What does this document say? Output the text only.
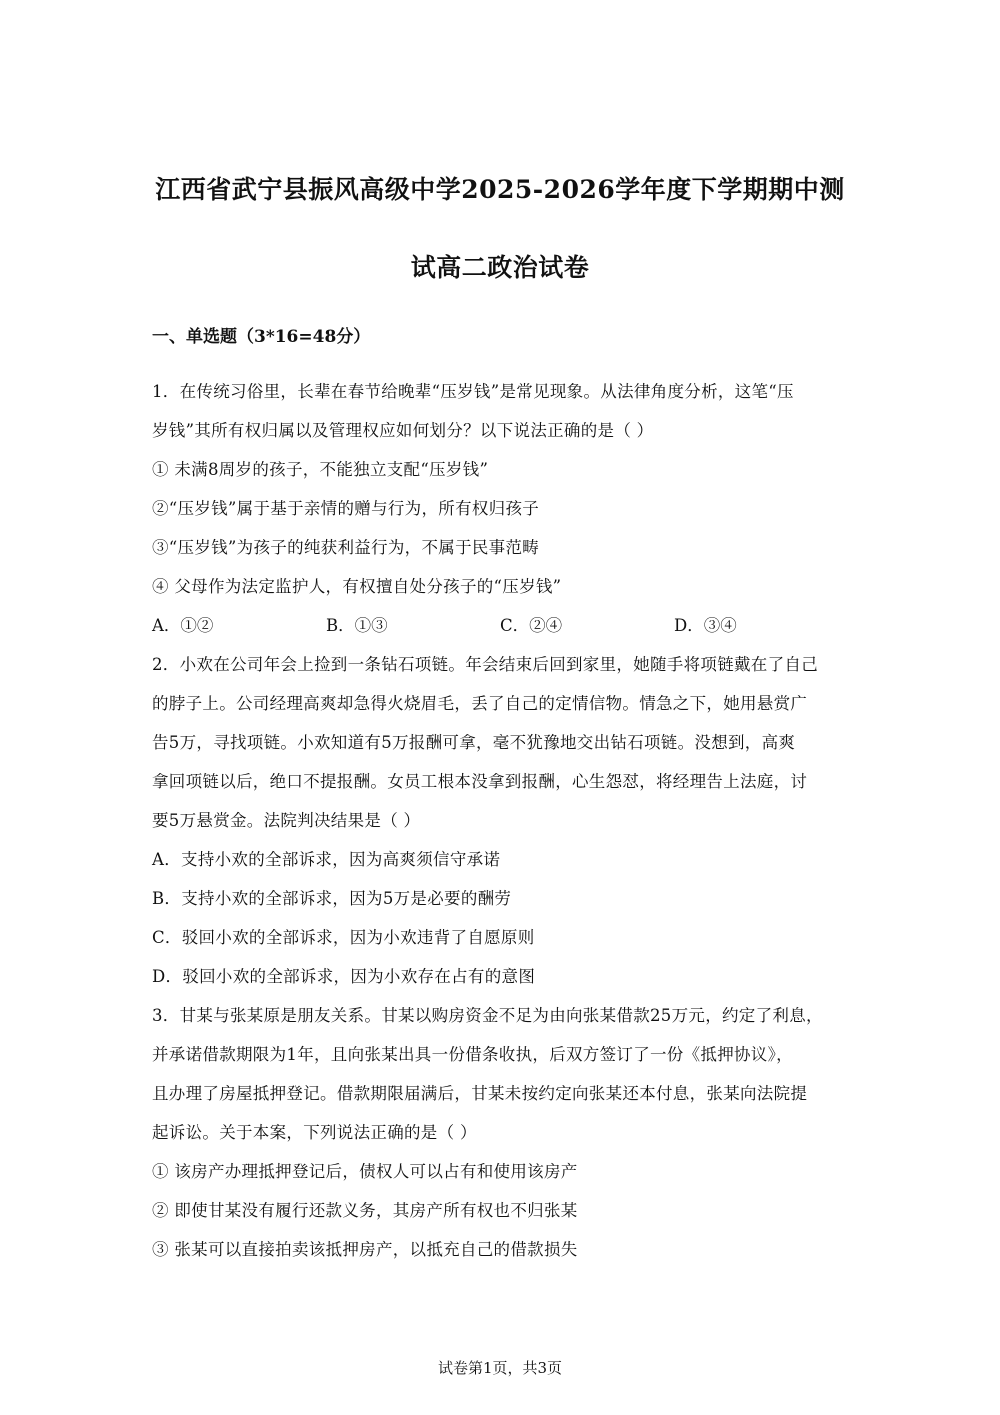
江西省武宁县振风高级中学2025-2026学年度下学期期中测
试高二政治试卷
一、单选题（3*16=48分）
1．在传统习俗里，长辈在春节给晚辈“压岁钱”是常见现象。从法律角度分析，这笔“压
岁钱”其所有权归属以及管理权应如何划分？以下说法正确的是（ ）
① 未满8周岁的孩子，不能独立支配“压岁钱”
②“压岁钱”属于基于亲情的赠与行为，所有权归孩子
③“压岁钱”为孩子的纯获利益行为，不属于民事范畴
④ 父母作为法定监护人，有权擅自处分孩子的“压岁钱”
A．①②	B．①③	C．②④	D．③④
2．小欢在公司年会上捡到一条钻石项链。年会结束后回到家里，她随手将项链戴在了自己
的脖子上。公司经理高爽却急得火烧眉毛，丢了自己的定情信物。情急之下，她用悬赏广
告5万，寻找项链。小欢知道有5万报酬可拿，毫不犹豫地交出钻石项链。没想到，高爽
拿回项链以后，绝口不提报酬。女员工根本没拿到报酬，心生怨怼，将经理告上法庭，讨
要5万悬赏金。法院判决结果是（ ）
A．支持小欢的全部诉求，因为高爽须信守承诺
B．支持小欢的全部诉求，因为5万是必要的酬劳
C．驳回小欢的全部诉求，因为小欢违背了自愿原则
D．驳回小欢的全部诉求，因为小欢存在占有的意图
3．甘某与张某原是朋友关系。甘某以购房资金不足为由向张某借款25万元，约定了利息，
并承诺借款期限为1年，且向张某出具一份借条收执，后双方签订了一份《抵押协议》，
且办理了房屋抵押登记。借款期限届满后，甘某未按约定向张某还本付息，张某向法院提
起诉讼。关于本案，下列说法正确的是（ ）
① 该房产办理抵押登记后，债权人可以占有和使用该房产
② 即使甘某没有履行还款义务，其房产所有权也不归张某
③ 张某可以直接拍卖该抵押房产，以抵充自己的借款损失
试卷第1页，共3页
